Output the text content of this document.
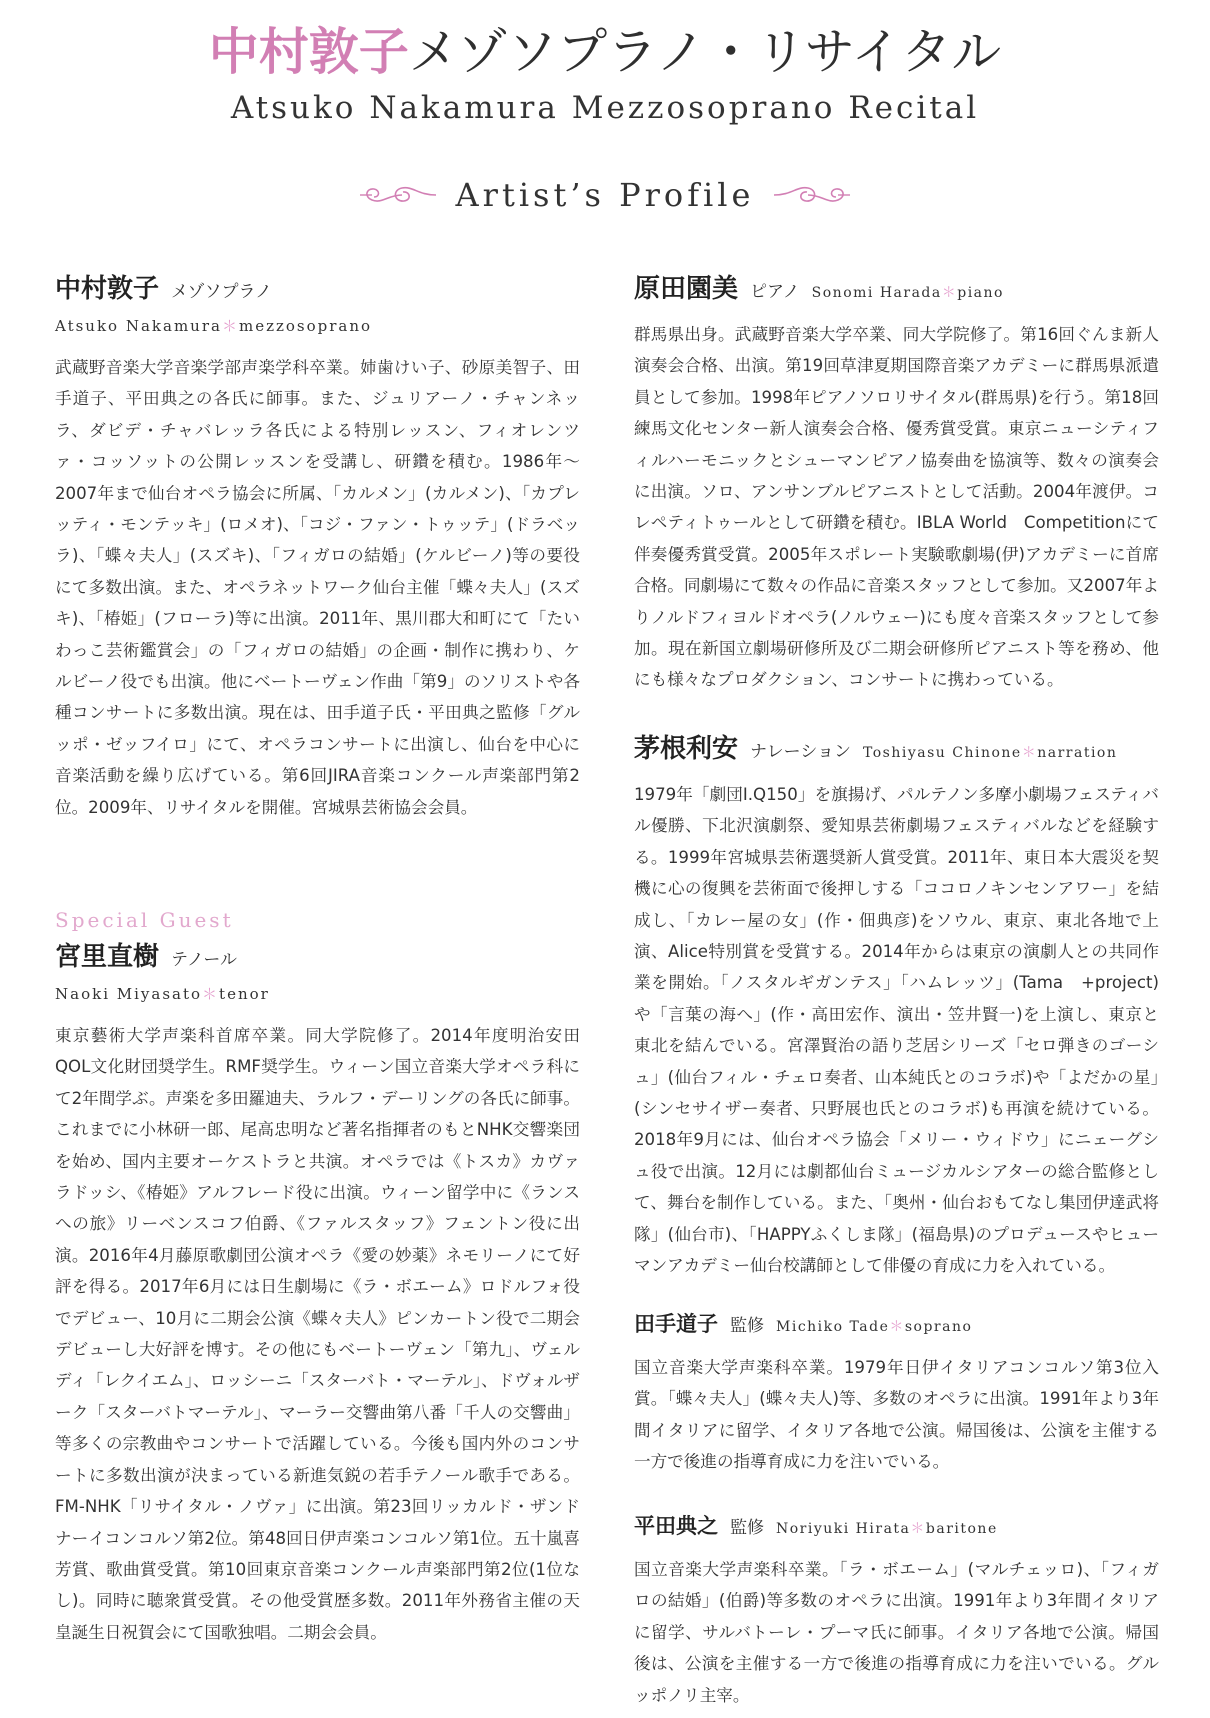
中村敦子メゾソプラノ・リサイタル
Atsuko Nakamura Mezzosoprano Recital
Artist’s Profile
中村敦子 メゾソプラノ
Atsuko Nakamura＊mezzosoprano

武蔵野音楽大学音楽学部声楽学科卒業。姉歯けい子、砂原美智子、田手道子、平田典之の各氏に師事。また、ジュリアーノ・チャンネッラ、ダビデ・チャバレッラ各氏による特別レッスン、フィオレンツァ・コッソットの公開レッスンを受講し、研鑽を積む。1986年〜2007年まで仙台オペラ協会に所属、「カルメン」(カルメン)、「カプレッティ・モンテッキ」(ロメオ)、「コジ・ファン・トゥッテ」(ドラベッラ)、「蝶々夫人」(スズキ)、「フィガロの結婚」(ケルビーノ)等の要役にて多数出演。また、オペラネットワーク仙台主催「蝶々夫人」(スズキ)、「椿姫」(フローラ)等に出演。2011年、黒川郡大和町にて「たいわっこ芸術鑑賞会」の「フィガロの結婚」の企画・制作に携わり、ケルビーノ役でも出演。他にベートーヴェン作曲「第9」のソリストや各種コンサートに多数出演。現在は、田手道子氏・平田典之監修「グルッポ・ゼッフイロ」にて、オペラコンサートに出演し、仙台を中心に音楽活動を繰り広げている。第6回JIRA音楽コンクール声楽部門第2位。2009年、リサイタルを開催。宮城県芸術協会会員。

Special Guest
宮里直樹 テノール
Naoki Miyasato＊tenor

東京藝術大学声楽科首席卒業。同大学院修了。2014年度明治安田QOL文化財団奨学生。RMF奨学生。ウィーン国立音楽大学オペラ科にて2年間学ぶ。声楽を多田羅迪夫、ラルフ・デーリングの各氏に師事。これまでに小林研一郎、尾高忠明など著名指揮者のもとNHK交響楽団を始め、国内主要オーケストラと共演。オペラでは《トスカ》カヴァラドッシ、《椿姫》アルフレード役に出演。ウィーン留学中に《ランスへの旅》リーベンスコフ伯爵、《ファルスタッフ》フェントン役に出演。2016年4月藤原歌劇団公演オペラ《愛の妙薬》ネモリーノにて好評を得る。2017年6月には日生劇場に《ラ・ボエーム》ロドルフォ役でデビュー、10月に二期会公演《蝶々夫人》ピンカートン役で二期会デビューし大好評を博す。その他にもベートーヴェン「第九」、ヴェルディ「レクイエム」、ロッシーニ「スターバト・マーテル」、ドヴォルザーク「スターバトマーテル」、マーラー交響曲第八番「千人の交響曲」等多くの宗教曲やコンサートで活躍している。今後も国内外のコンサートに多数出演が決まっている新進気鋭の若手テノール歌手である。FM-NHK「リサイタル・ノヴァ」に出演。第23回リッカルド・ザンドナーイコンコルソ第2位。第48回日伊声楽コンコルソ第1位。五十嵐喜芳賞、歌曲賞受賞。第10回東京音楽コンクール声楽部門第2位(1位なし)。同時に聴衆賞受賞。その他受賞歴多数。2011年外務省主催の天皇誕生日祝賀会にて国歌独唱。二期会会員。

原田園美 ピアノ Sonomi Harada＊piano

群馬県出身。武蔵野音楽大学卒業、同大学院修了。第16回ぐんま新人演奏会合格、出演。第19回草津夏期国際音楽アカデミーに群馬県派遣員として参加。1998年ピアノソロリサイタル(群馬県)を行う。第18回練馬文化センター新人演奏会合格、優秀賞受賞。東京ニューシティフィルハーモニックとシューマンピアノ協奏曲を協演等、数々の演奏会に出演。ソロ、アンサンブルピアニストとして活動。2004年渡伊。コレペティトゥールとして研鑽を積む。IBLA World　Competitionにて伴奏優秀賞受賞。2005年スポレート実験歌劇場(伊)アカデミーに首席合格。同劇場にて数々の作品に音楽スタッフとして参加。又2007年よりノルドフィヨルドオペラ(ノルウェー)にも度々音楽スタッフとして参加。現在新国立劇場研修所及び二期会研修所ピアニスト等を務め、他にも様々なプロダクション、コンサートに携わっている。

茅根利安 ナレーション Toshiyasu Chinone＊narration

1979年「劇団I.Q150」を旗揚げ、パルテノン多摩小劇場フェスティバル優勝、下北沢演劇祭、愛知県芸術劇場フェスティバルなどを経験する。1999年宮城県芸術選奨新人賞受賞。2011年、東日本大震災を契機に心の復興を芸術面で後押しする「ココロノキンセンアワー」を結成し、「カレー屋の女」(作・佃典彦)をソウル、東京、東北各地で上演、Alice特別賞を受賞する。2014年からは東京の演劇人との共同作業を開始。「ノスタルギガンテス」「ハムレッツ」(Tama　+project)や「言葉の海へ」(作・高田宏作、演出・笠井賢一)を上演し、東京と東北を結んでいる。宮澤賢治の語り芝居シリーズ「セロ弾きのゴーシュ」(仙台フィル・チェロ奏者、山本純氏とのコラボ)や「よだかの星」(シンセサイザー奏者、只野展也氏とのコラボ)も再演を続けている。2018年9月には、仙台オペラ協会「メリー・ウィドウ」にニェーグシュ役で出演。12月には劇都仙台ミュージカルシアターの総合監修として、舞台を制作している。また、「奥州・仙台おもてなし集団伊達武将隊」(仙台市)、「HAPPYふくしま隊」(福島県)のプロデュースやヒューマンアカデミー仙台校講師として俳優の育成に力を入れている。

田手道子 監修 Michiko Tade＊soprano

国立音楽大学声楽科卒業。1979年日伊イタリアコンコルソ第3位入賞。「蝶々夫人」(蝶々夫人)等、多数のオペラに出演。1991年より3年間イタリアに留学、イタリア各地で公演。帰国後は、公演を主催する一方で後進の指導育成に力を注いでいる。

平田典之 監修 Noriyuki Hirata＊baritone

国立音楽大学声楽科卒業。「ラ・ボエーム」(マルチェッロ)、「フィガロの結婚」(伯爵)等多数のオペラに出演。1991年より3年間イタリアに留学、サルバトーレ・プーマ氏に師事。イタリア各地で公演。帰国後は、公演を主催する一方で後進の指導育成に力を注いでいる。グルッポノリ主宰。
